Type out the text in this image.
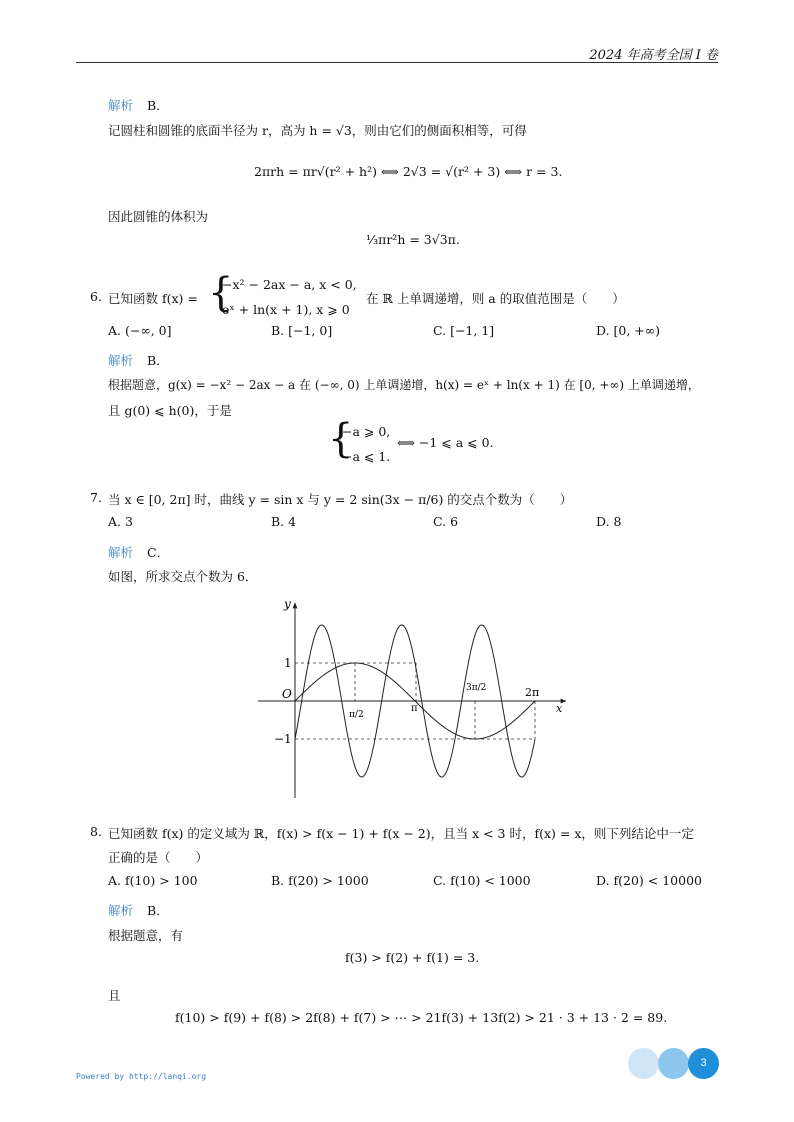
2024 年高考全国 I 卷
解析 B．
记圆柱和圆锥的底面半径为 r，高为 h = √3，则由它们的侧面积相等，可得
2πrh = πr√(r² + h²) ⟺ 2√3 = √(r² + 3) ⟺ r = 3.
因此圆锥的体积为
⅓πr²h = 3√3π.
6. 已知函数 f(x) = {
−x² − 2ax − a, x < 0,
eˣ + ln(x + 1), x ⩾ 0
在 ℝ 上单调递增，则 a 的取值范围是（　　）
A. (−∞, 0]	B. [−1, 0]	C. [−1, 1]	D. [0, +∞)
解析 B．
根据题意，g(x) = −x² − 2ax − a 在 (−∞, 0) 上单调递增，h(x) = eˣ + ln(x + 1) 在 [0, +∞) 上单调递增，
且 g(0) ⩽ h(0)，于是
{
−a ⩾ 0,
−a ⩽ 1.
⟺ −1 ⩽ a ⩽ 0.
7. 当 x ∈ [0, 2π] 时，曲线 y = sin x 与 y = 2 sin(3x − π/6) 的交点个数为（　　）
A. 3	B. 4	C. 6	D. 8
解析 C．
如图，所求交点个数为 6．
y
x
O
1
−1
π/2
π
3π/2	2π
8. 已知函数 f(x) 的定义域为 ℝ，f(x) > f(x − 1) + f(x − 2)，且当 x < 3 时，f(x) = x，则下列结论中一定
正确的是（　　）
A. f(10) > 100	B. f(20) > 1000	C. f(10) < 1000	D. f(20) < 10000
解析 B．
根据题意，有
f(3) > f(2) + f(1) = 3.
且
f(10) > f(9) + f(8) > 2f(8) + f(7) > ⋯ > 21f(3) + 13f(2) > 21 · 3 + 13 · 2 = 89.
Powered by http://lanqi.org
3
